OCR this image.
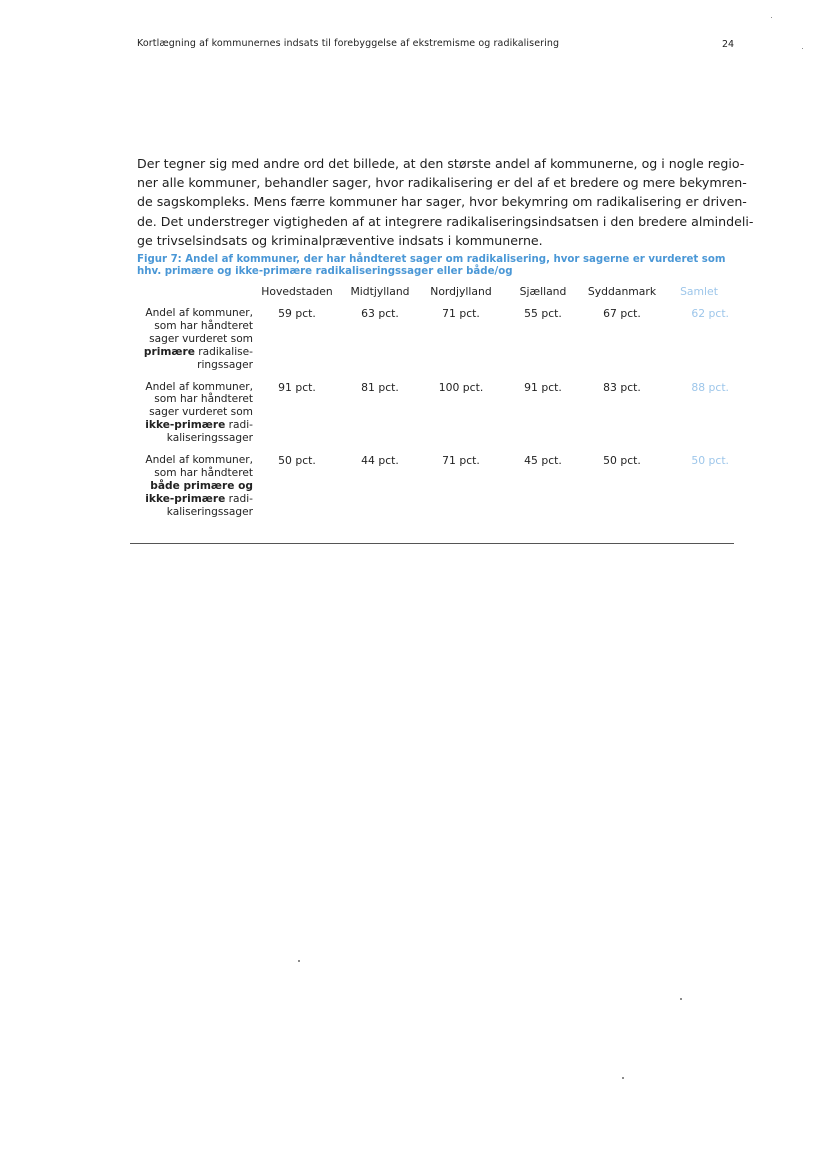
Kortlægning af kommunernes indsats til forebyggelse af ekstremisme og radikalisering	24

Der tegner sig med andre ord det billede, at den største andel af kommunerne, og i nogle regio-
ner alle kommuner, behandler sager, hvor radikalisering er del af et bredere og mere bekymren-
de sagskompleks. Mens færre kommuner har sager, hvor bekymring om radikalisering er driven-
de. Det understreger vigtigheden af at integrere radikaliseringsindsatsen i den bredere almindeli-
ge trivselsindsats og kriminalpræventive indsats i kommunerne.

Figur 7: Andel af kommuner, der har håndteret sager om radikalisering, hvor sagerne er vurderet som
hhv. primære og ikke-primære radikaliseringssager eller både/og

	Hovedstaden	Midtjylland	Nordjylland	Sjælland	Syddanmark	Samlet

Andel af kommuner,
som har håndteret
sager vurderet som
primære radikalise-
ringssager	59 pct.	63 pct.	71 pct.	55 pct.	67 pct.	62 pct.

Andel af kommuner,
som har håndteret
sager vurderet som
ikke-primære radi-
kaliseringssager	91 pct.	81 pct.	100 pct.	91 pct.	83 pct.	88 pct.

Andel af kommuner,
som har håndteret
både primære og
ikke-primære radi-
kaliseringssager	50 pct.	44 pct.	71 pct.	45 pct.	50 pct.	50 pct.
